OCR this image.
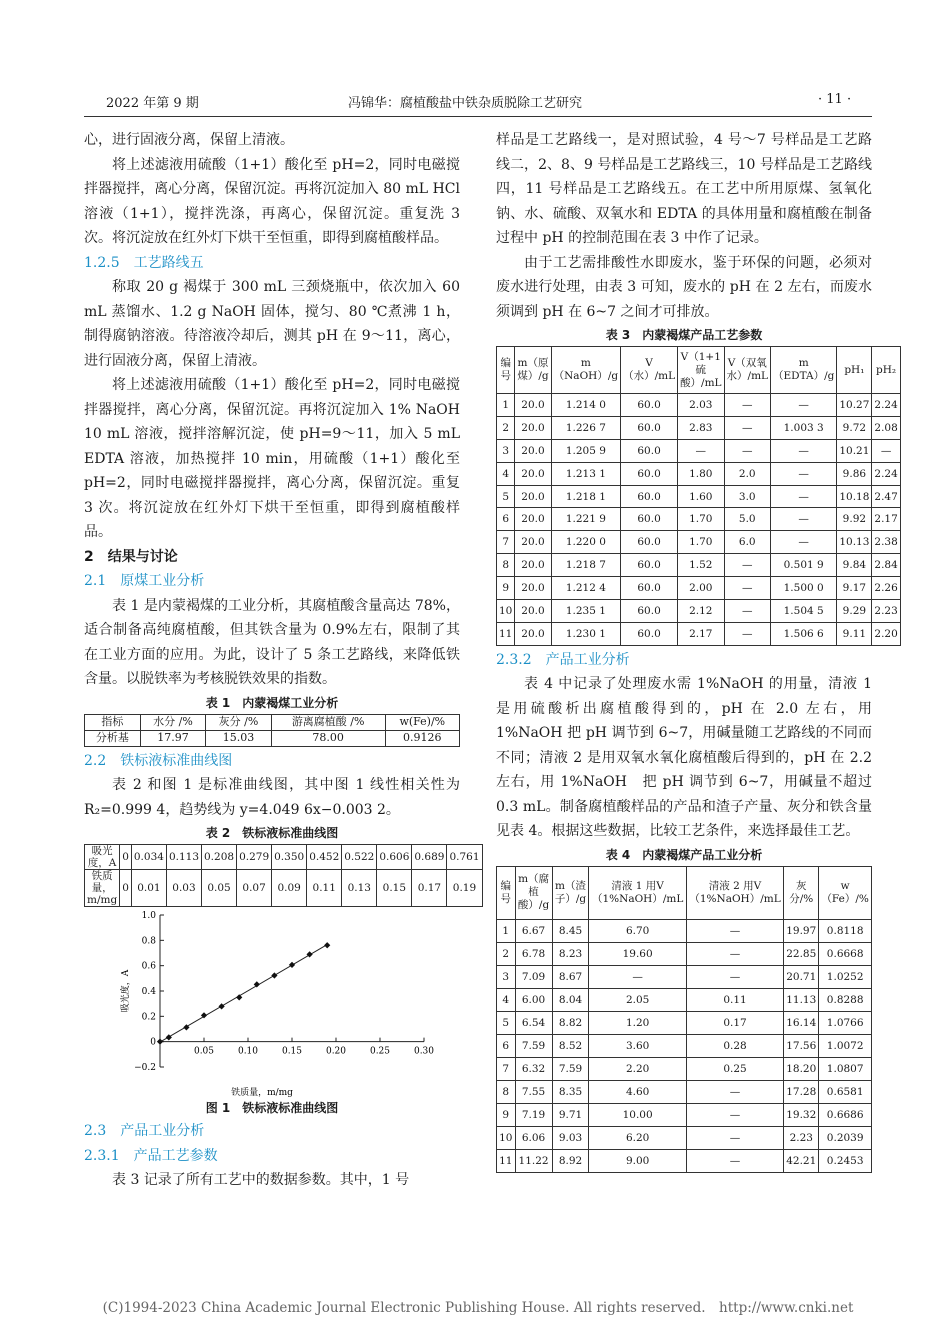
2022 年第 9 期	冯锦华：腐植酸盐中铁杂质脱除工艺研究	· 11 ·

心，进行固液分离，保留上清液。

将上述滤液用硫酸（1+1）酸化至 pH=2，同时电磁搅拌器搅拌，离心分离，保留沉淀。再将沉淀加入 80 mL HCl 溶液（1+1），搅拌洗涤，再离心，保留沉淀。重复洗 3 次。将沉淀放在红外灯下烘干至恒重，即得到腐植酸样品。

1.2.5　工艺路线五

称取 20 g 褐煤于 300 mL 三颈烧瓶中，依次加入 60 mL 蒸馏水、1.2 g NaOH 固体，搅匀、80 ℃煮沸 1 h，制得腐钠溶液。待溶液冷却后，测其 pH 在 9～11，离心，进行固液分离，保留上清液。

将上述滤液用硫酸（1+1）酸化至 pH=2，同时电磁搅拌器搅拌，离心分离，保留沉淀。再将沉淀加入 1% NaOH 10 mL 溶液，搅拌溶解沉淀，使 pH=9～11，加入 5 mL EDTA 溶液，加热搅拌 10 min，用硫酸（1+1）酸化至 pH=2，同时电磁搅拌器搅拌，离心分离，保留沉淀。重复 3 次。将沉淀放在红外灯下烘干至恒重，即得到腐植酸样品。

2　结果与讨论

2.1　原煤工业分析

表 1 是内蒙褐煤的工业分析，其腐植酸含量高达 78%，适合制备高纯腐植酸，但其铁含量为 0.9%左右，限制了其在工业方面的应用。为此，设计了 5 条工艺路线，来降低铁含量。以脱铁率为考核脱铁效果的指数。

表 1　内蒙褐煤工业分析
指标	水分 /%	灰分 /%	游离腐植酸 /%	w(Fe)/%
分析基	17.97	15.03	78.00	0.9126

2.2　铁标液标准曲线图

表 2 和图 1 是标准曲线图，其中图 1 线性相关性为 R₂=0.999 4，趋势线为 y=4.049 6x−0.003 2。

表 2　铁标液标准曲线图
吸光度，A	0	0.034	0.113	0.208	0.279	0.350	0.452	0.522	0.606	0.689	0.761
铁质量，m/mg	0	0.01	0.03	0.05	0.07	0.09	0.11	0.13	0.15	0.17	0.19
−0.2
0
0.2
0.4
0.6
0.8
1.0
0.05	0.10	0.15	0.20	0.25	0.30
铁质量，m/mg
吸光度，A
图 1　铁标液标准曲线图

2.3　产品工业分析

2.3.1　产品工艺参数

表 3 记录了所有工艺中的数据参数。其中，1 号

样品是工艺路线一，是对照试验，4 号～7 号样品是工艺路线二，2、8、9 号样品是工艺路线三，10 号样品是工艺路线四，11 号样品是工艺路线五。在工艺中所用原煤、氢氧化钠、水、硫酸、双氧水和 EDTA 的具体用量和腐植酸在制备过程中 pH 的控制范围在表 3 中作了记录。

由于工艺需排酸性水即废水，鉴于环保的问题，必须对废水进行处理，由表 3 可知，废水的 pH 在 2 左右，而废水须调到 pH 在 6~7 之间才可排放。

表 3　内蒙褐煤产品工艺参数
编号	m（原煤）/g	m（NaOH）/g	V（水）/mL	V（1+1硫酸）/mL	V（双氧水）/mL	m（EDTA）/g	pH₁	pH₂
1	20.0	1.214 0	60.0	2.03	—	—	10.27	2.24
2	20.0	1.226 7	60.0	2.83	—	1.003 3	9.72	2.08
3	20.0	1.205 9	60.0	—	—	—	10.21	—
4	20.0	1.213 1	60.0	1.80	2.0	—	9.86	2.24
5	20.0	1.218 1	60.0	1.60	3.0	—	10.18	2.47
6	20.0	1.221 9	60.0	1.70	5.0	—	9.92	2.17
7	20.0	1.220 0	60.0	1.70	6.0	—	10.13	2.38
8	20.0	1.218 7	60.0	1.52	—	0.501 9	9.84	2.84
9	20.0	1.212 4	60.0	2.00	—	1.500 0	9.17	2.26
10	20.0	1.235 1	60.0	2.12	—	1.504 5	9.29	2.23
11	20.0	1.230 1	60.0	2.17	—	1.506 6	9.11	2.20

2.3.2　产品工业分析

表 4 中记录了处理废水需 1%NaOH 的用量，清液 1 是用硫酸析出腐植酸得到的，pH 在 2.0 左右，用 1%NaOH 把 pH 调节到 6~7，用碱量随工艺路线的不同而不同；清液 2 是用双氧水氧化腐植酸后得到的，pH 在 2.2 左右，用 1%NaOH　把 pH 调节到 6~7，用碱量不超过 0.3 mL。制备腐植酸样品的产品和渣子产量、灰分和铁含量见表 4。根据这些数据，比较工艺条件，来选择最佳工艺。

表 4　内蒙褐煤产品工业分析
编号	m（腐植酸）/g	m（渣子）/g	清液 1 用V（1%NaOH）/mL	清液 2 用V（1%NaOH）/mL	灰分/%	w（Fe）/%
1	6.67	8.45	6.70	—	19.97	0.8118
2	6.78	8.23	19.60	—	22.85	0.6668
3	7.09	8.67	—	—	20.71	1.0252
4	6.00	8.04	2.05	0.11	11.13	0.8288
5	6.54	8.82	1.20	0.17	16.14	1.0766
6	7.59	8.52	3.60	0.28	17.56	1.0072
7	6.32	7.59	2.20	0.25	18.20	1.0807
8	7.55	8.35	4.60	—	17.28	0.6581
9	7.19	9.71	10.00	—	19.32	0.6686
10	6.06	9.03	6.20	—	2.23	0.2039
11	11.22	8.92	9.00	—	42.21	0.2453
(C)1994-2023 China Academic Journal Electronic Publishing House. All rights reserved.　http://www.cnki.net
